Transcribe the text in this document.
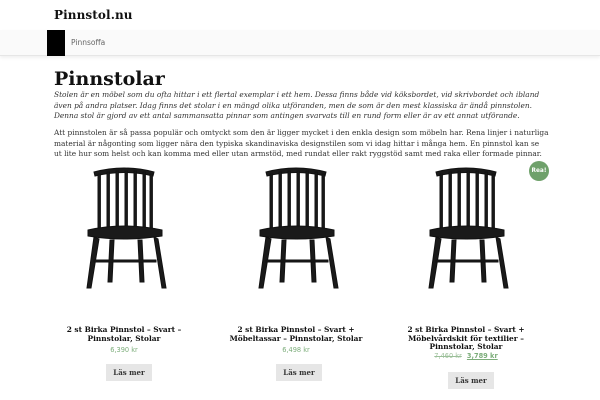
Pinnstol.nu
Pinnsoffa
Pinnstolar

Stolen är en möbel som du ofta hittar i ett flertal exemplar i ett hem. Dessa finns både vid köksbordet, vid skrivbordet och ibland även på andra platser. Idag finns det stolar i en mängd olika utföranden, men de som är den mest klassiska är ändå pinnstolen. Denna stol är gjord av ett antal sammansatta pinnar som antingen svarvats till en rund form eller är av ett annat utförande.

Att pinnstolen är så passa populär och omtyckt som den är ligger mycket i den enkla design som möbeln har. Rena linjer i naturliga material är någonting som ligger nära den typiska skandinaviska designstilen som vi idag hittar i många hem. En pinnstol kan se ut lite hur som helst och kan komma med eller utan armstöd, med rundat eller rakt ryggstöd samt med raka eller formade pinnar.

2 st Birka Pinnstol – Svart – Pinnstolar, Stolar
6,390 kr
Läs mer
2 st Birka Pinnstol – Svart + Möbeltassar – Pinnstolar, Stolar
6,498 kr
Läs mer
2 st Birka Pinnstol – Svart + Möbelvårdskit för textilier – Pinnstolar, Stolar
7,460 kr 3,789 kr
Läs mer
Rea!
